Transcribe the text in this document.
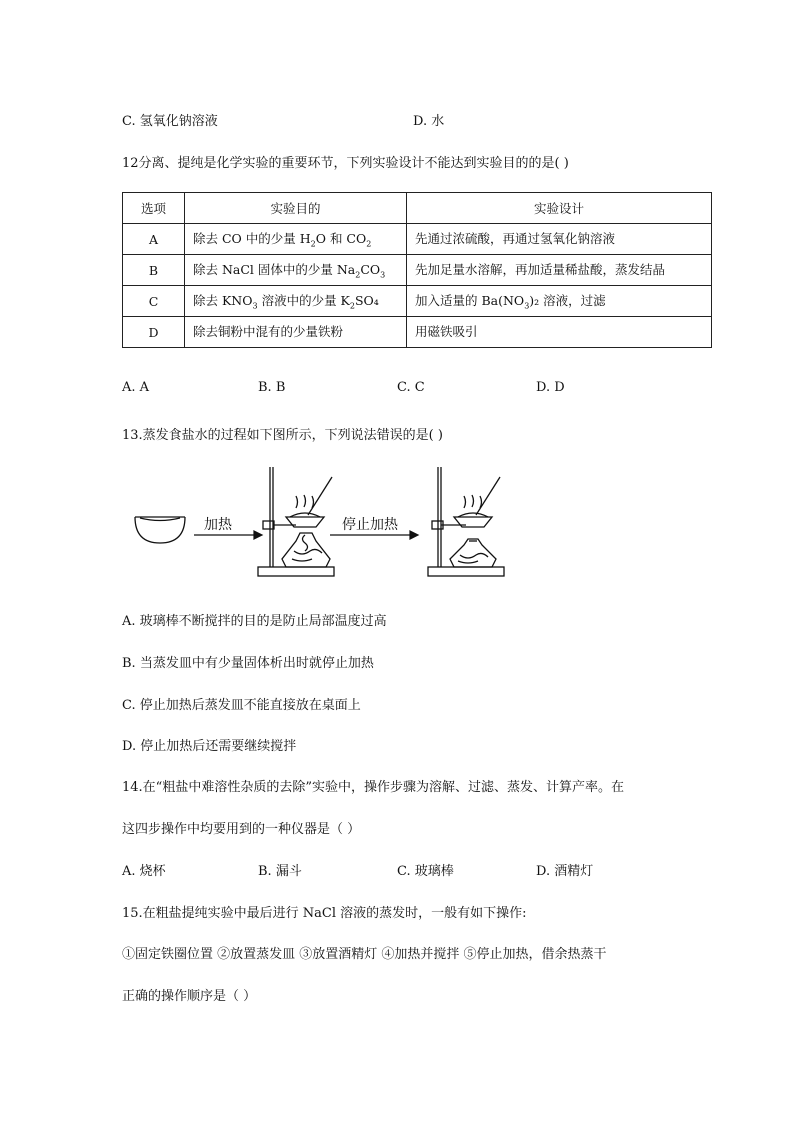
C. 氢氧化钠溶液	D. 水
12分离、提纯是化学实验的重要环节，下列实验设计不能达到实验目的的是( )
选项	实验目的	实验设计
A	除去 CO 中的少量 $H_2O$ 和 $CO_2$	先通过浓硫酸，再通过氢氧化钠溶液
B	除去 NaCl 固体中的少量 $Na_2CO_3$	先加足量水溶解，再加适量稀盐酸，蒸发结晶
C	除去 $KNO_3$ 溶液中的少量 $K_2SO_4$	加入适量的 $Ba(NO_3)_2$ 溶液，过滤
D	除去铜粉中混有的少量铁粉	用磁铁吸引
A. A	B. B	C. C	D. D
13.蒸发食盐水的过程如下图所示，下列说法错误的是( )
加热	停止加热
A. 玻璃棒不断搅拌的目的是防止局部温度过高
B. 当蒸发皿中有少量固体析出时就停止加热
C. 停止加热后蒸发皿不能直接放在桌面上
D. 停止加热后还需要继续搅拌
14.在“粗盐中难溶性杂质的去除”实验中，操作步骤为溶解、过滤、蒸发、计算产率。在
这四步操作中均要用到的一种仪器是（ ）
A. 烧杯	B. 漏斗	C. 玻璃棒	D. 酒精灯
15.在粗盐提纯实验中最后进行 NaCl 溶液的蒸发时，一般有如下操作:
①固定铁圈位置 ②放置蒸发皿 ③放置酒精灯 ④加热并搅拌 ⑤停止加热，借余热蒸干
正确的操作顺序是（ ）
